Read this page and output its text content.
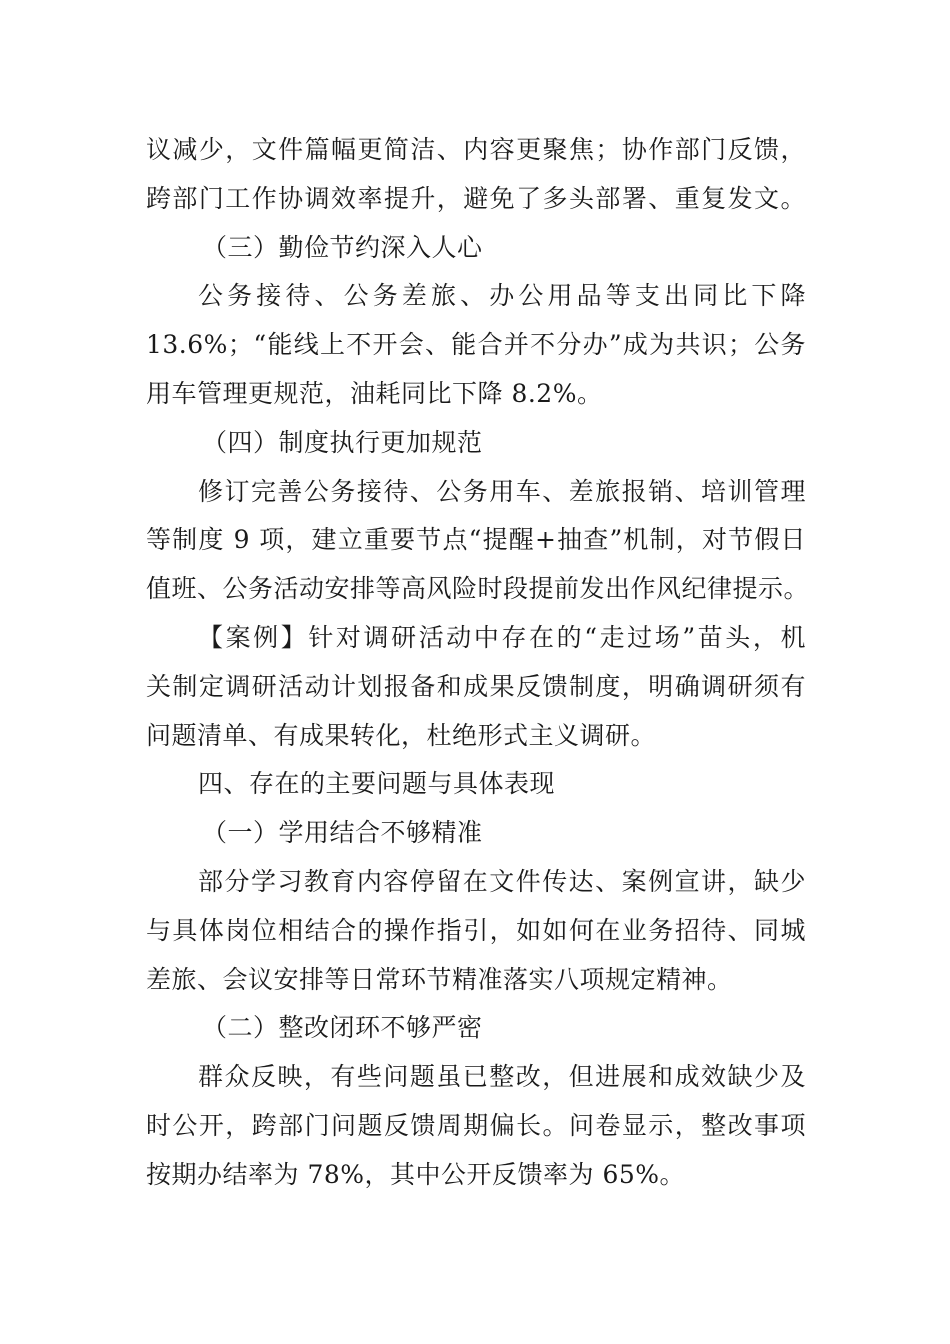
议减少，文件篇幅更简洁、内容更聚焦；协作部门反馈，
跨部门工作协调效率提升，避免了多头部署、重复发文。
（三）勤俭节约深入人心
公务接待、公务差旅、办公用品等支出同比下降
13.6%；“能线上不开会、能合并不分办”成为共识；公务
用车管理更规范，油耗同比下降 8.2%。
（四）制度执行更加规范
修订完善公务接待、公务用车、差旅报销、培训管理
等制度 9 项，建立重要节点“提醒+抽查”机制，对节假日
值班、公务活动安排等高风险时段提前发出作风纪律提示。
【案例】针对调研活动中存在的“走过场”苗头，机
关制定调研活动计划报备和成果反馈制度，明确调研须有
问题清单、有成果转化，杜绝形式主义调研。
四、存在的主要问题与具体表现
（一）学用结合不够精准
部分学习教育内容停留在文件传达、案例宣讲，缺少
与具体岗位相结合的操作指引，如如何在业务招待、同城
差旅、会议安排等日常环节精准落实八项规定精神。
（二）整改闭环不够严密
群众反映，有些问题虽已整改，但进展和成效缺少及
时公开，跨部门问题反馈周期偏长。问卷显示，整改事项
按期办结率为 78%，其中公开反馈率为 65%。
